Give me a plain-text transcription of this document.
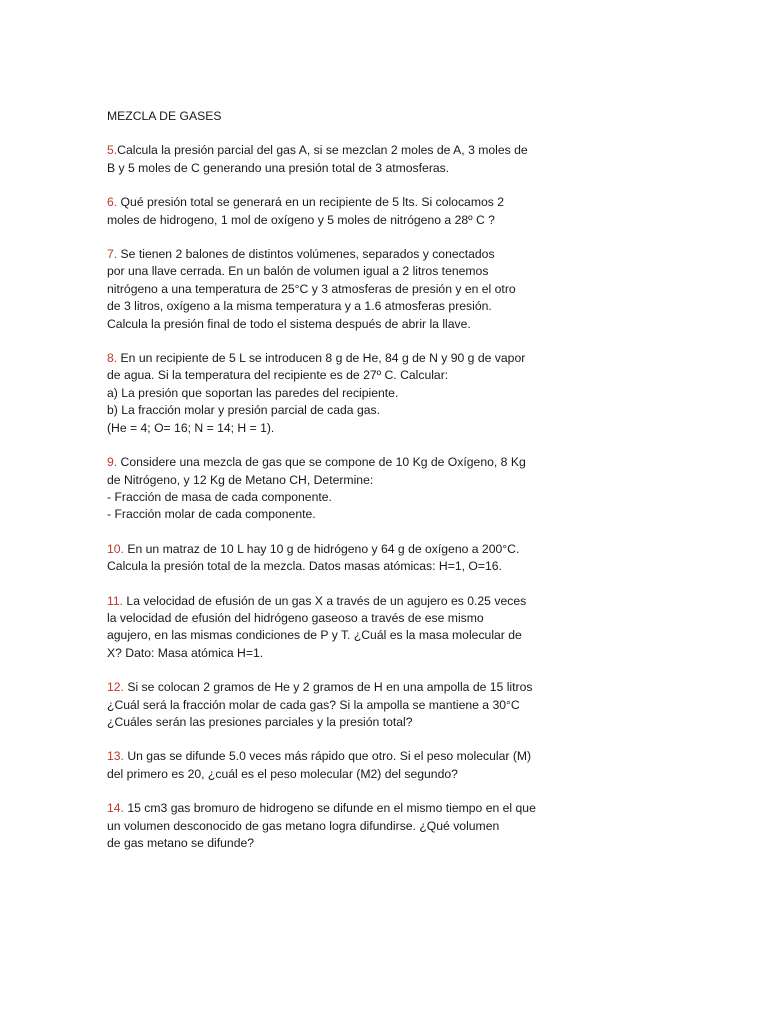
MEZCLA DE GASES

5.Calcula la presión parcial del gas A, si se mezclan 2 moles de A, 3 moles de

B y 5 moles de C generando una presión total de 3 atmosferas.

6. Qué presión total se generará en un recipiente de 5 lts. Si colocamos 2

moles de hidrogeno, 1 mol de oxígeno y 5 moles de nitrógeno a 28º C ?

7. Se tienen 2 balones de distintos volúmenes, separados y conectados

por una llave cerrada. En un balón de volumen igual a 2 litros tenemos

nitrógeno a una temperatura de 25°C y 3 atmosferas de presión y en el otro

de 3 litros, oxígeno a la misma temperatura y a 1.6 atmosferas presión.

Calcula la presión final de todo el sistema después de abrir la llave.

8. En un recipiente de 5 L se introducen 8 g de He, 84 g de N y 90 g de vapor

de agua. Si la temperatura del recipiente es de 27º C. Calcular:

a) La presión que soportan las paredes del recipiente.

b) La fracción molar y presión parcial de cada gas.

(He = 4; O= 16; N = 14; H = 1).

9. Considere una mezcla de gas que se compone de 10 Kg de Oxígeno, 8 Kg

de Nitrógeno, y 12 Kg de Metano CH, Determine:

- Fracción de masa de cada componente.

- Fracción molar de cada componente.

10. En un matraz de 10 L hay 10 g de hidrógeno y 64 g de oxígeno a 200°C.

Calcula la presión total de la mezcla. Datos masas atómicas: H=1, O=16.

11. La velocidad de efusión de un gas X a través de un agujero es 0.25 veces

la velocidad de efusión del hidrógeno gaseoso a través de ese mismo

agujero, en las mismas condiciones de P y T. ¿Cuál es la masa molecular de

X? Dato: Masa atómica H=1.

12. Si se colocan 2 gramos de He y 2 gramos de H en una ampolla de 15 litros

¿Cuál será la fracción molar de cada gas? Si la ampolla se mantiene a 30°C

¿Cuáles serán las presiones parciales y la presión total?

13. Un gas se difunde 5.0 veces más rápido que otro. Si el peso molecular (M)

del primero es 20, ¿cuál es el peso molecular (M2) del segundo?

14. 15 cm3 gas bromuro de hidrogeno se difunde en el mismo tiempo en el que

un volumen desconocido de gas metano logra difundirse. ¿Qué volumen

de gas metano se difunde?
